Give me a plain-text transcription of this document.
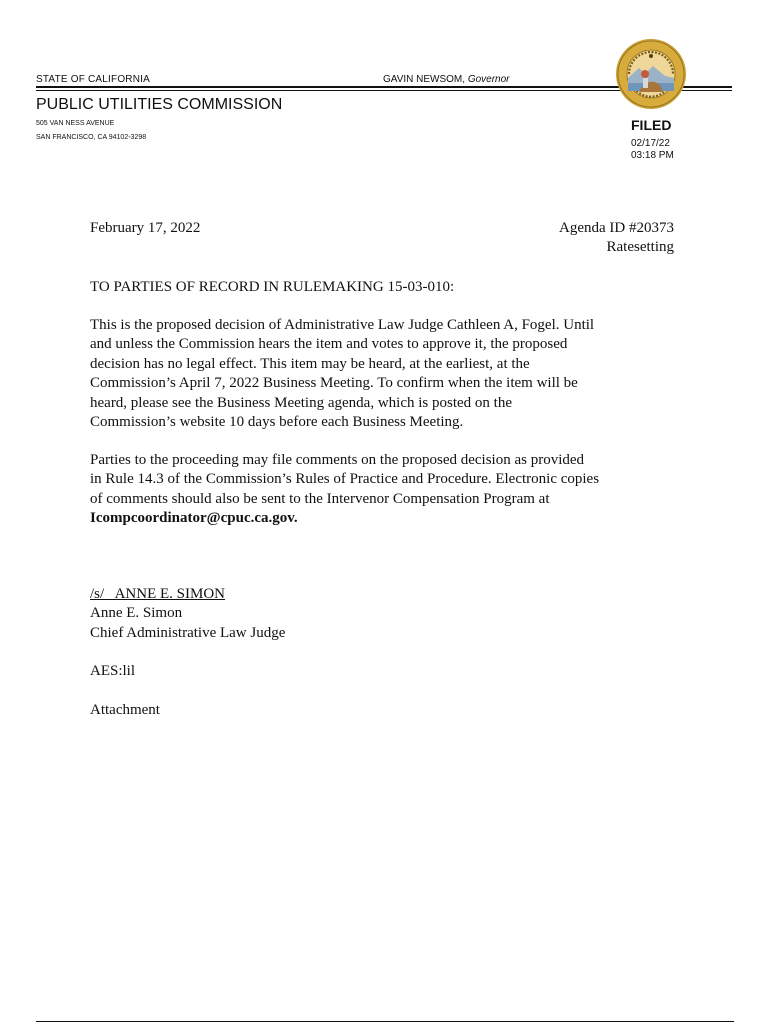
STATE OF CALIFORNIA	GAVIN NEWSOM, Governor
PUBLIC UTILITIES COMMISSION
505 VAN NESS AVENUE
SAN FRANCISCO, CA 94102-3298
FILED
02/17/22
03:18 PM
February 17, 2022	Agenda ID #20373
Ratesetting
TO PARTIES OF RECORD IN RULEMAKING 15-03-010:
This is the proposed decision of Administrative Law Judge Cathleen A, Fogel. Until
and unless the Commission hears the item and votes to approve it, the proposed
decision has no legal effect. This item may be heard, at the earliest, at the
Commission’s April 7, 2022 Business Meeting. To confirm when the item will be
heard, please see the Business Meeting agenda, which is posted on the
Commission’s website 10 days before each Business Meeting.
Parties to the proceeding may file comments on the proposed decision as provided
in Rule 14.3 of the Commission’s Rules of Practice and Procedure. Electronic copies
of comments should also be sent to the Intervenor Compensation Program at
Icompcoordinator@cpuc.ca.gov.
/s/   ANNE E. SIMON
Anne E. Simon
Chief Administrative Law Judge
AES:lil
Attachment
